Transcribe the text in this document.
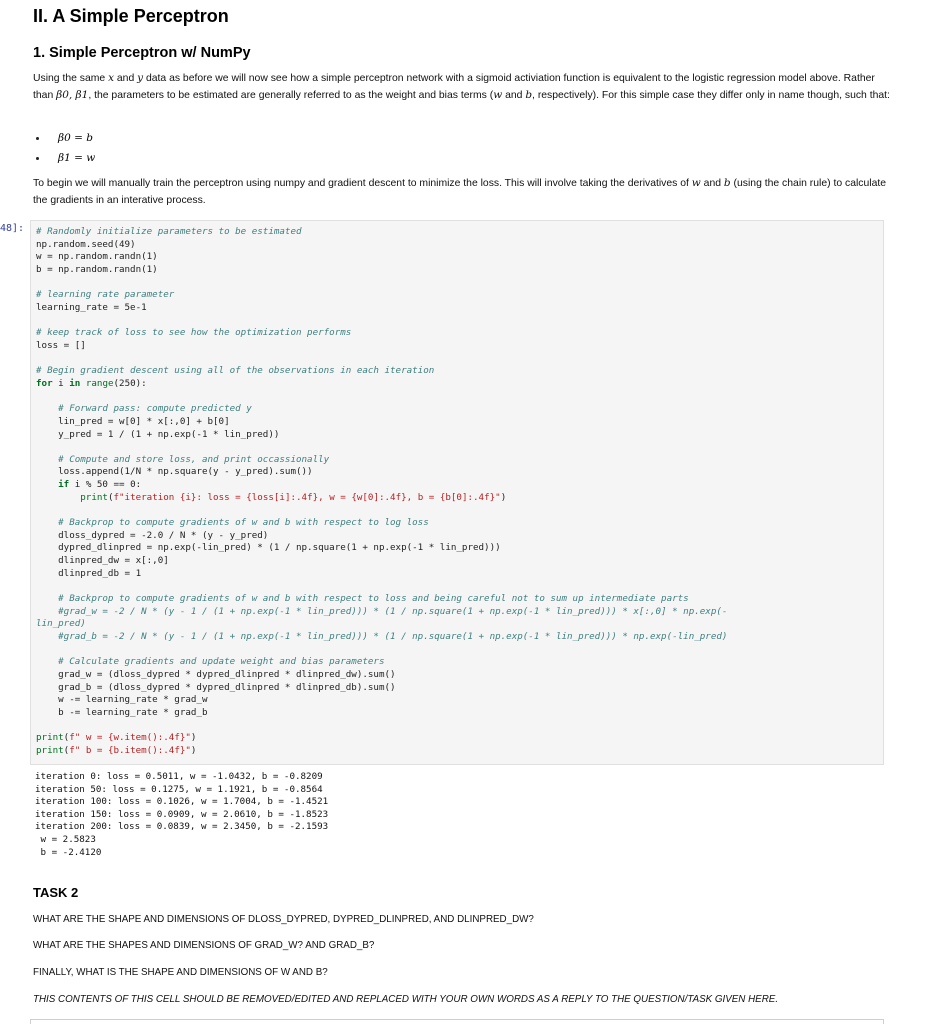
II. A Simple Perceptron
1. Simple Perceptron w/ NumPy

Using the same x and y data as before we will now see how a simple perceptron network with a sigmoid activiation function is equivalent to the logistic regression model above. Rather than β0, β1, the parameters to be estimated are generally referred to as the weight and bias terms (w and b, respectively). For this simple case they differ only in name though, such that:

β0 = b
β1 = w

To begin we will manually train the perceptron using numpy and gradient descent to minimize the loss. This will involve taking the derivatives of w and b (using the chain rule) to calculate the gradients in an interative process.

48]: # Randomly initialize parameters to be estimated
np.random.seed(49)
w = np.random.randn(1)
b = np.random.randn(1)

# learning rate parameter
learning_rate = 5e-1

# keep track of loss to see how the optimization performs
loss = []

# Begin gradient descent using all of the observations in each iteration
for i in range(250):

# Forward pass: compute predicted y
lin_pred = w[0] * x[:,0] + b[0]
y_pred = 1 / (1 + np.exp(-1 * lin_pred))

# Compute and store loss, and print occassionally
loss.append(1/N * np.square(y - y_pred).sum())
if i % 50 == 0:
print(f"iteration {i}: loss = {loss[i]:.4f}, w = {w[0]:.4f}, b = {b[0]:.4f}")

# Backprop to compute gradients of w and b with respect to log loss
dloss_dypred = -2.0 / N * (y - y_pred)
dypred_dlinpred = np.exp(-lin_pred) * (1 / np.square(1 + np.exp(-1 * lin_pred)))
dlinpred_dw = x[:,0]
dlinpred_db = 1

# Backprop to compute gradients of w and b with respect to loss and being careful not to sum up intermediate parts
#grad_w = -2 / N * (y - 1 / (1 + np.exp(-1 * lin_pred))) * (1 / np.square(1 + np.exp(-1 * lin_pred))) * x[:,0] * np.exp(-
lin_pred)
#grad_b = -2 / N * (y - 1 / (1 + np.exp(-1 * lin_pred))) * (1 / np.square(1 + np.exp(-1 * lin_pred))) * np.exp(-lin_pred)

# Calculate gradients and update weight and bias parameters
grad_w = (dloss_dypred * dypred_dlinpred * dlinpred_dw).sum()
grad_b = (dloss_dypred * dypred_dlinpred * dlinpred_db).sum()
w -= learning_rate * grad_w
b -= learning_rate * grad_b

print(f" w = {w.item():.4f}")
print(f" b = {b.item():.4f}")
iteration 0: loss = 0.5011, w = -1.0432, b = -0.8209
iteration 50: loss = 0.1275, w = 1.1921, b = -0.8564
iteration 100: loss = 0.1026, w = 1.7004, b = -1.4521
iteration 150: loss = 0.0909, w = 2.0610, b = -1.8523
iteration 200: loss = 0.0839, w = 2.3450, b = -2.1593
w = 2.5823
b = -2.4120
TASK 2
WHAT ARE THE SHAPE AND DIMENSIONS OF DLOSS_DYPRED, DYPRED_DLINPRED, AND DLINPRED_DW?
WHAT ARE THE SHAPES AND DIMENSIONS OF GRAD_W? AND GRAD_B?
FINALLY, WHAT IS THE SHAPE AND DIMENSIONS OF W AND B?
THIS CONTENTS OF THIS CELL SHOULD BE REMOVED/EDITED AND REPLACED WITH YOUR OWN WORDS AS A REPLY TO THE QUESTION/TASK GIVEN HERE.
